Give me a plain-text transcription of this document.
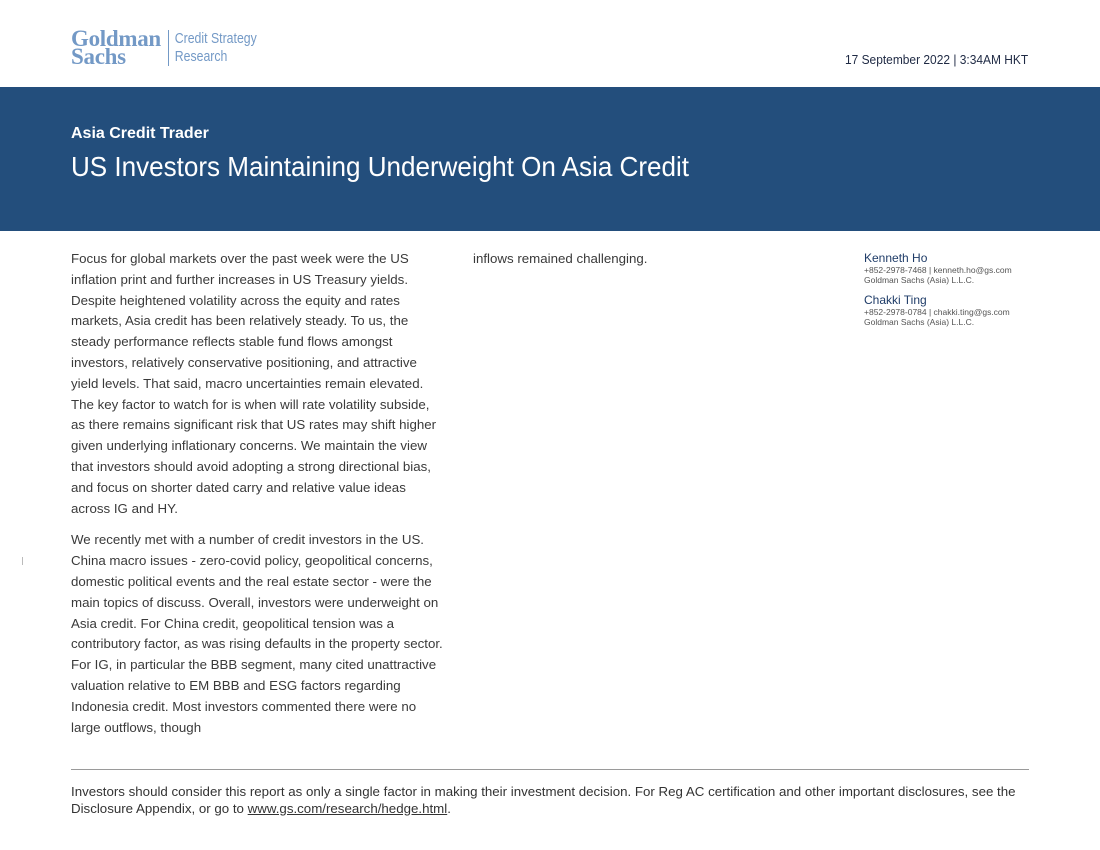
Goldman
Sachs
Credit Strategy
Research	17 September 2022 | 3:34AM HKT
Asia Credit Trader
US Investors Maintaining Underweight On Asia Credit

Focus for global markets over the past week were the US inflation print and further increases in US Treasury yields. Despite heightened volatility across the equity and rates markets, Asia credit has been relatively steady. To us, the steady performance reflects stable fund flows amongst investors, relatively conservative positioning, and attractive yield levels. That said, macro uncertainties remain elevated. The key factor to watch for is when will rate volatility subside, as there remains significant risk that US rates may shift higher given underlying inflationary concerns. We maintain the view that investors should avoid adopting a strong directional bias, and focus on shorter dated carry and relative value ideas across IG and HY.

We recently met with a number of credit investors in the US. China macro issues - zero-covid policy, geopolitical concerns, domestic political events and the real estate sector - were the main topics of discuss. Overall, investors were underweight on Asia credit. For China credit, geopolitical tension was a contributory factor, as was rising defaults in the property sector. For IG, in particular the BBB segment, many cited unattractive valuation relative to EM BBB and ESG factors regarding Indonesia credit. Most investors commented there were no large outflows, though

inflows remained challenging.	Kenneth Ho
+852-2978-7468 | kenneth.ho@gs.com
Goldman Sachs (Asia) L.L.C.
Chakki Ting
+852-2978-0784 | chakki.ting@gs.com
Goldman Sachs (Asia) L.L.C.
Investors should consider this report as only a single factor in making their investment decision. For Reg AC certification and other important disclosures, see the Disclosure Appendix, or go to www.gs.com/research/hedge.html.
